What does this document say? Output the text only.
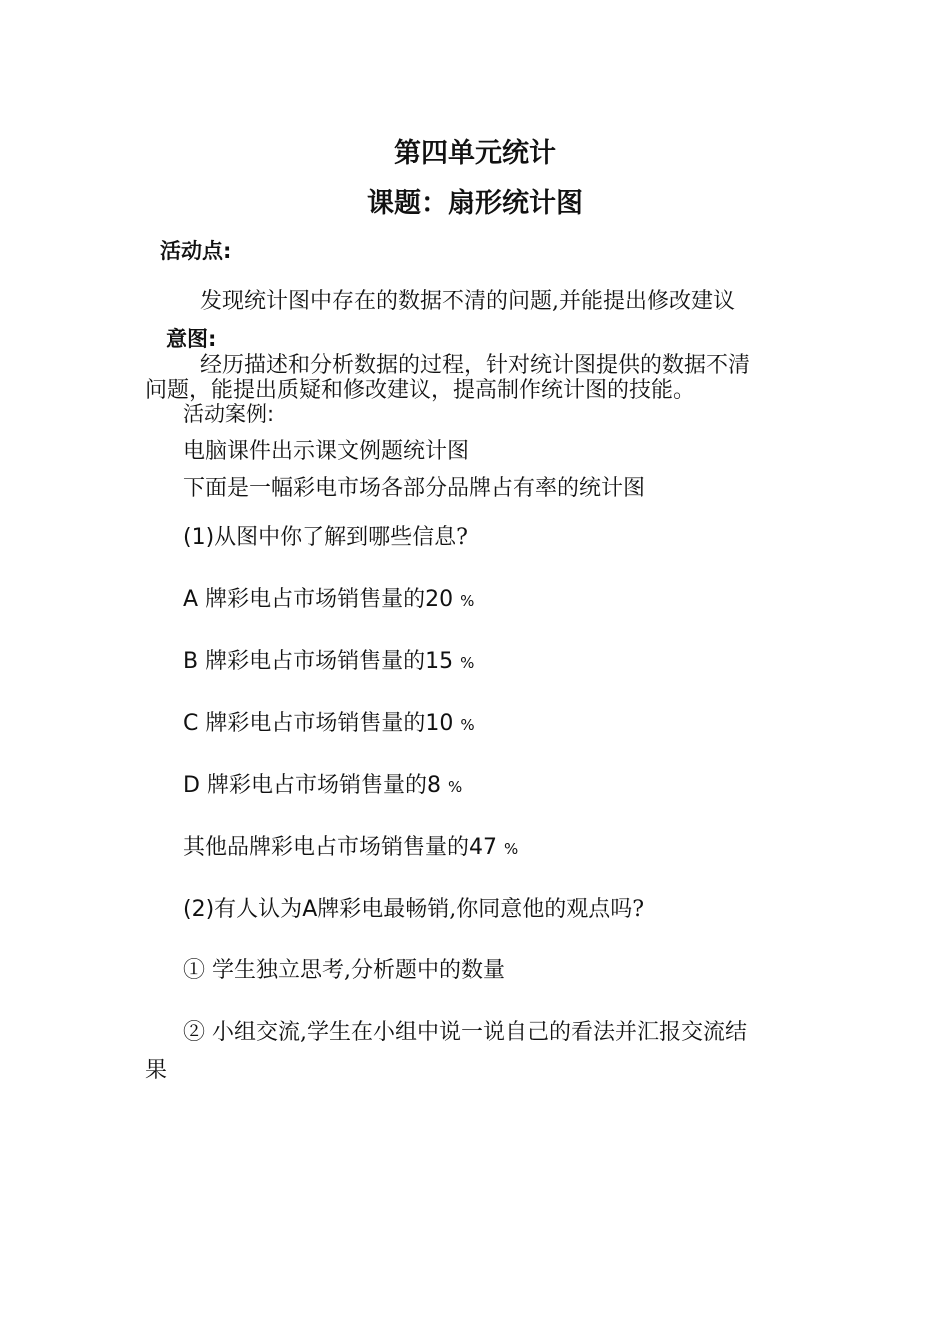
第四单元统计
课题：扇形统计图
活动点:
发现统计图中存在的数据不清的问题,并能提出修改建议
意图:
经历描述和分析数据的过程，针对统计图提供的数据不清
问题，能提出质疑和修改建议，提高制作统计图的技能。
活动案例:
电脑课件出示课文例题统计图
下面是一幅彩电市场各部分品牌占有率的统计图
(1)从图中你了解到哪些信息?
A 牌彩电占市场销售量的20 %
B 牌彩电占市场销售量的15 %
C 牌彩电占市场销售量的10 %
D 牌彩电占市场销售量的8 %
其他品牌彩电占市场销售量的47 %
(2)有人认为A牌彩电最畅销,你同意他的观点吗?
① 学生独立思考,分析题中的数量
② 小组交流,学生在小组中说一说自己的看法并汇报交流结
果
